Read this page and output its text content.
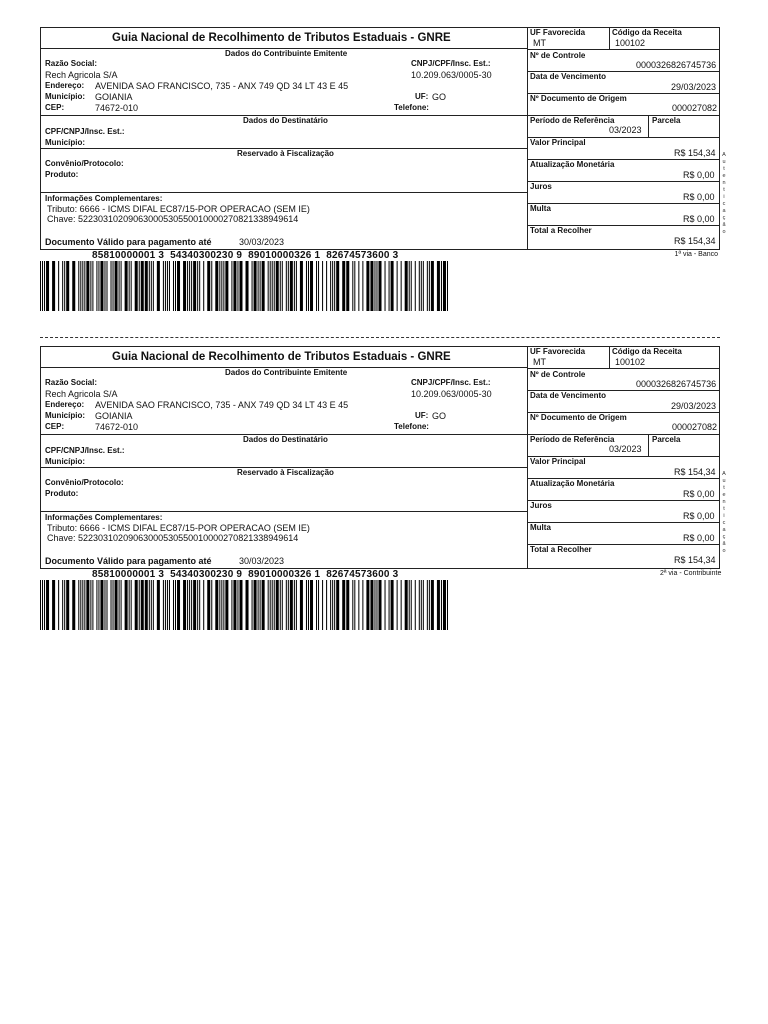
Guia Nacional de Recolhimento de Tributos Estaduais - GNRE
Dados do Contribuinte Emitente
Razão Social:	CNPJ/CPF/Insc. Est.:
Rech Agricola S/A	10.209.063/0005-30
Endereço: AVENIDA SAO FRANCISCO, 735 - ANX 749 QD 34 LT 43 E 45
Município: GOIANIA	UF: GO
CEP:	74672-010	Telefone:
Dados do Destinatário
CPF/CNPJ/Insc. Est.:
Município:
Reservado à Fiscalização
Convênio/Protocolo:
Produto:
Informações Complementares:
Tributo: 6666 - ICMS DIFAL EC87/15-POR OPERACAO (SEM IE)
Chave: 52230310209063000530550010000270821338949614
Documento Válido para pagamento até	30/03/2023
UF Favorecida
MT
Código da Receita
100102
Nº de Controle
0000326826745736
Data de Vencimento
29/03/2023
Nº Documento de Origem
000027082
Período de Referência
03/2023
Parcela
Valor Principal
R$ 154,34
Atualização Monetária
R$ 0,00
Juros
R$ 0,00
Multa
R$ 0,00
Total a Recolher
R$ 154,34
A
u
t
e
n
t
i
c
a
ç
ã
o
1ª via - Banco
85810000001 3  54340300230 9  89010000326 1  82674573600 3
Guia Nacional de Recolhimento de Tributos Estaduais - GNRE
Dados do Contribuinte Emitente
Razão Social:	CNPJ/CPF/Insc. Est.:
Rech Agricola S/A	10.209.063/0005-30
Endereço: AVENIDA SAO FRANCISCO, 735 - ANX 749 QD 34 LT 43 E 45
Município: GOIANIA	UF: GO
CEP:	74672-010	Telefone:
Dados do Destinatário
CPF/CNPJ/Insc. Est.:
Município:
Reservado à Fiscalização
Convênio/Protocolo:
Produto:
Informações Complementares:
Tributo: 6666 - ICMS DIFAL EC87/15-POR OPERACAO (SEM IE)
Chave: 52230310209063000530550010000270821338949614
Documento Válido para pagamento até	30/03/2023
UF Favorecida
MT
Código da Receita
100102
Nº de Controle
0000326826745736
Data de Vencimento
29/03/2023
Nº Documento de Origem
000027082
Período de Referência
03/2023
Parcela
Valor Principal
R$ 154,34
Atualização Monetária
R$ 0,00
Juros
R$ 0,00
Multa
R$ 0,00
Total a Recolher
R$ 154,34
A
u
t
e
n
t
i
c
a
ç
ã
o
2ª via - Contribuinte
85810000001 3  54340300230 9  89010000326 1  82674573600 3
